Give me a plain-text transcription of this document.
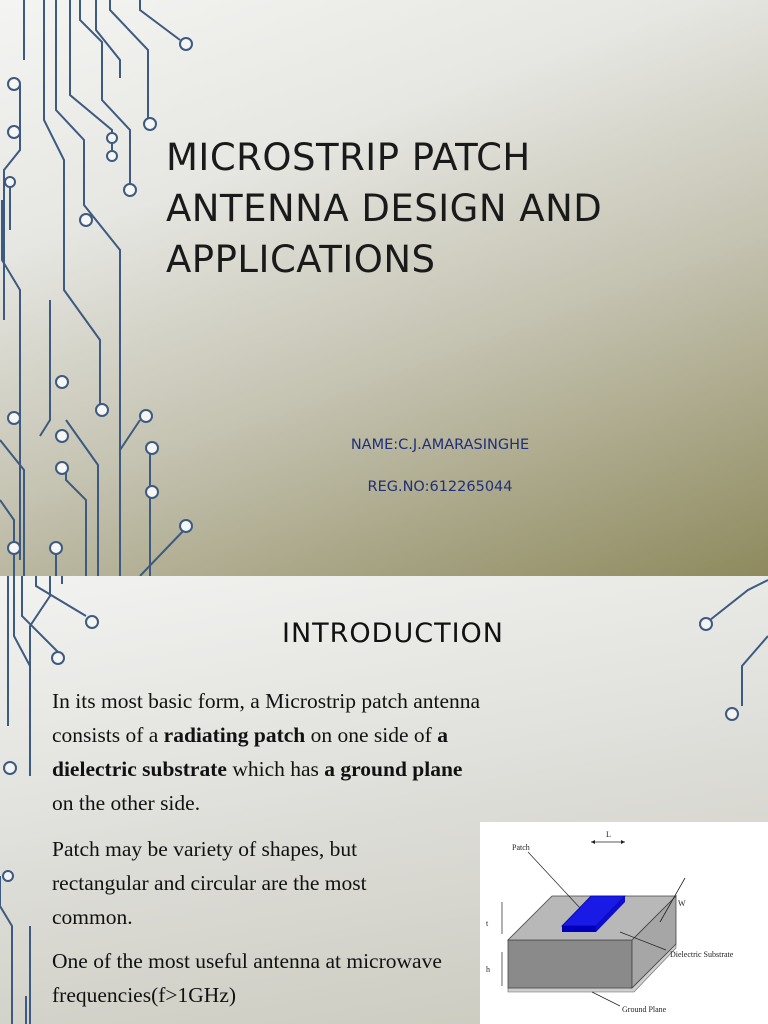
MICROSTRIP PATCH
ANTENNA DESIGN AND
APPLICATIONS
NAME:C.J.AMARASINGHE
REG.NO:612265044
INTRODUCTION

In its most basic form, a Microstrip patch antenna consists of a radiating patch on one side of a dielectric substrate which has a ground plane on the other side.

Patch may be variety of shapes, but rectangular and circular are the most common.

One of the most useful antenna at microwave frequencies(f>1GHz)

L
W
Patch
t
h
Dielectric Substrate
Ground Plane
